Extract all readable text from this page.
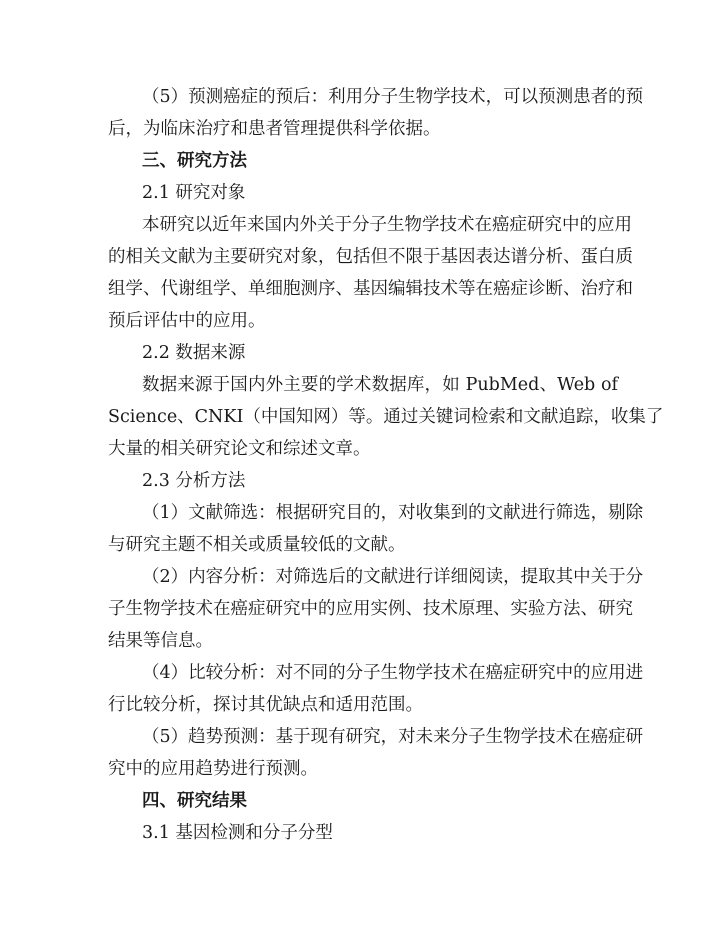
（5）预测癌症的预后：利用分子生物学技术，可以预测患者的预
后，为临床治疗和患者管理提供科学依据。
三、研究方法
2.1 研究对象
本研究以近年来国内外关于分子生物学技术在癌症研究中的应用
的相关文献为主要研究对象，包括但不限于基因表达谱分析、蛋白质
组学、代谢组学、单细胞测序、基因编辑技术等在癌症诊断、治疗和
预后评估中的应用。
2.2 数据来源
数据来源于国内外主要的学术数据库，如 PubMed、Web of
Science、CNKI（中国知网）等。通过关键词检索和文献追踪，收集了
大量的相关研究论文和综述文章。
2.3 分析方法
（1）文献筛选：根据研究目的，对收集到的文献进行筛选，剔除
与研究主题不相关或质量较低的文献。
（2）内容分析：对筛选后的文献进行详细阅读，提取其中关于分
子生物学技术在癌症研究中的应用实例、技术原理、实验方法、研究
结果等信息。
（4）比较分析：对不同的分子生物学技术在癌症研究中的应用进
行比较分析，探讨其优缺点和适用范围。
（5）趋势预测：基于现有研究，对未来分子生物学技术在癌症研
究中的应用趋势进行预测。
四、研究结果
3.1 基因检测和分子分型
